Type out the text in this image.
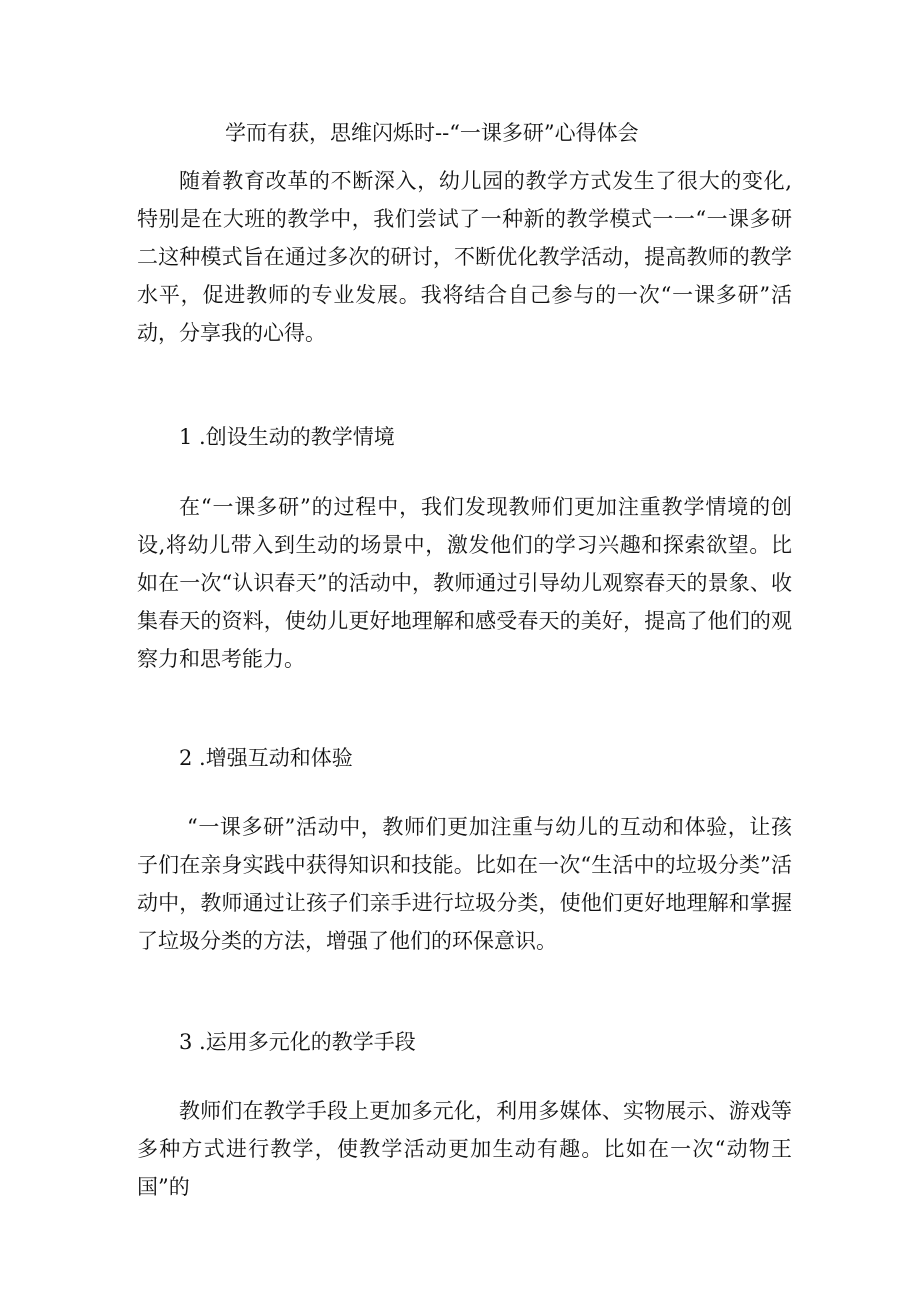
学而有获，思维闪烁时--“一课多研”心得体会

随着教育改革的不断深入，幼儿园的教学方式发生了很大的变化,特别是在大班的教学中，我们尝试了一种新的教学模式一一“一课多研二这种模式旨在通过多次的研讨，不断优化教学活动，提高教师的教学水平，促进教师的专业发展。我将结合自己参与的一次“一课多研”活动，分享我的心得。

1 .创设生动的教学情境

在“一课多研”的过程中，我们发现教师们更加注重教学情境的创设,将幼儿带入到生动的场景中，激发他们的学习兴趣和探索欲望。比如在一次“认识春天”的活动中，教师通过引导幼儿观察春天的景象、收集春天的资料，使幼儿更好地理解和感受春天的美好，提高了他们的观察力和思考能力。

2 .增强互动和体验

“一课多研”活动中，教师们更加注重与幼儿的互动和体验，让孩子们在亲身实践中获得知识和技能。比如在一次“生活中的垃圾分类”活动中，教师通过让孩子们亲手进行垃圾分类，使他们更好地理解和掌握了垃圾分类的方法，增强了他们的环保意识。

3 .运用多元化的教学手段

教师们在教学手段上更加多元化，利用多媒体、实物展示、游戏等多种方式进行教学，使教学活动更加生动有趣。比如在一次“动物王国”的
